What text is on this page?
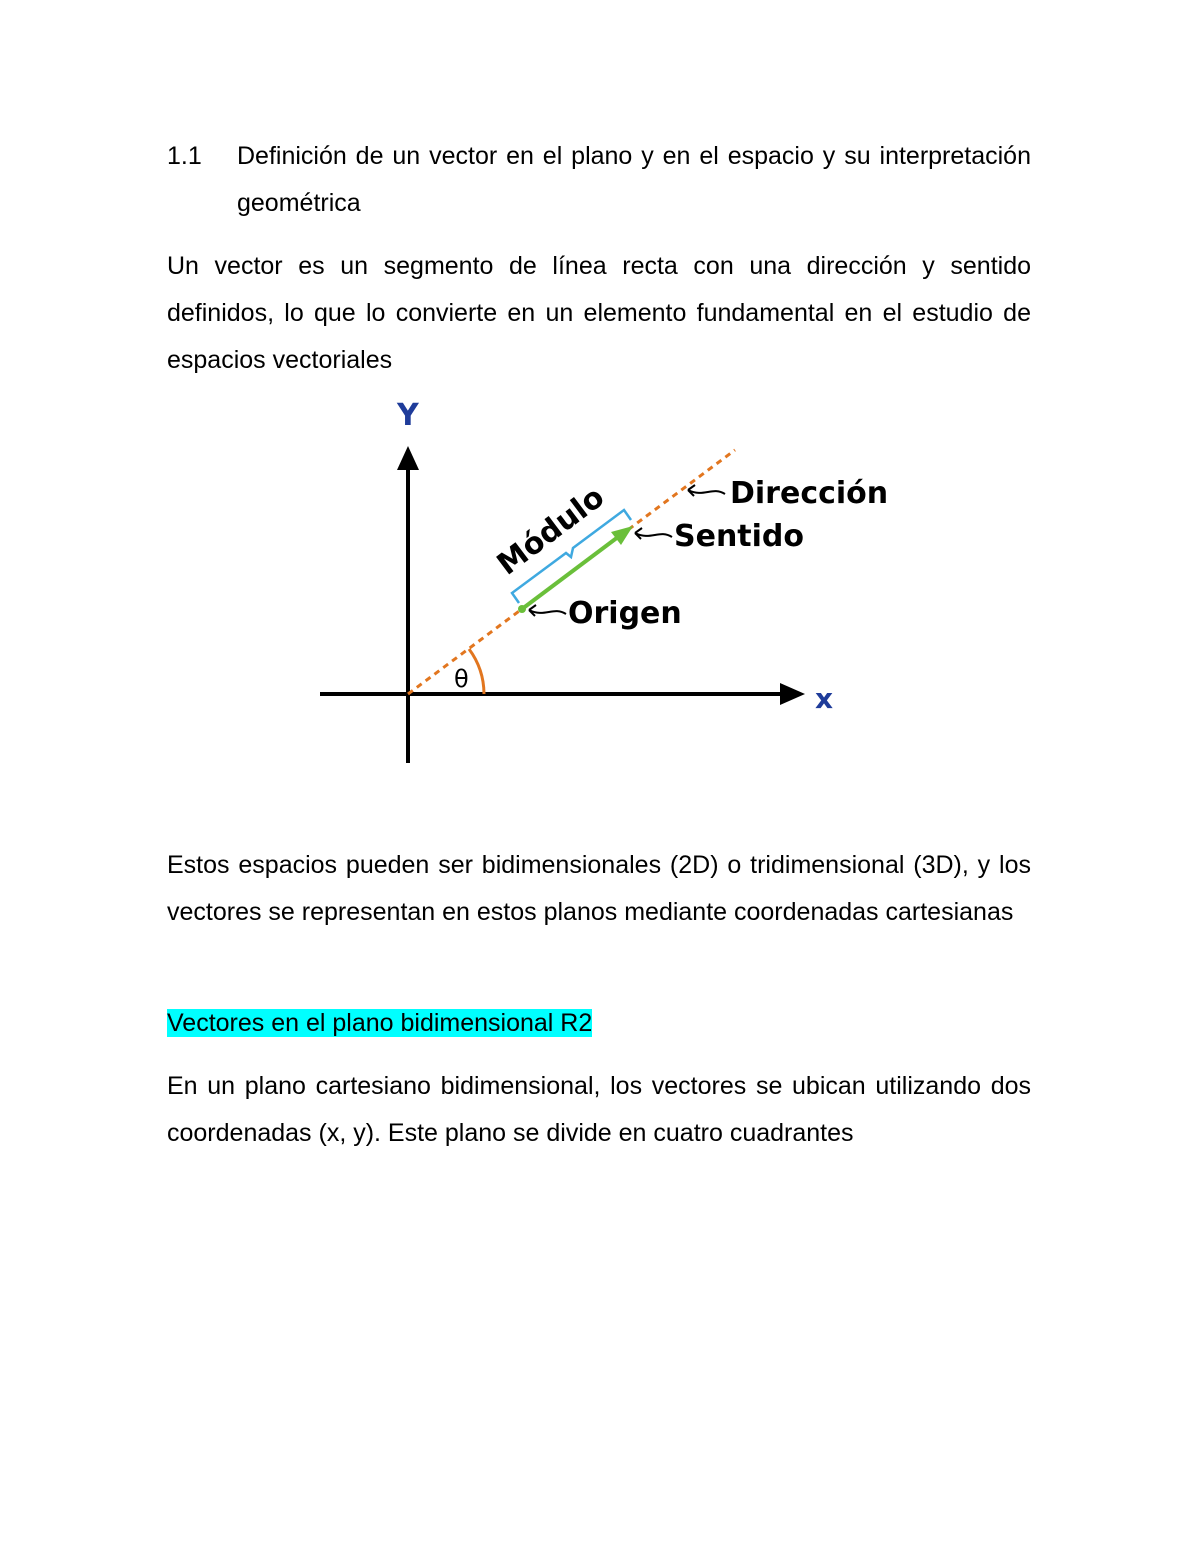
1.1 Definición de un vector en el plano y en el espacio y su interpretación geométrica

Un vector es un segmento de línea recta con una dirección y sentido definidos, lo que lo convierte en un elemento fundamental en el estudio de espacios vectoriales

Y
x
θ
Módulo	Dirección
Sentido
Origen

Estos espacios pueden ser bidimensionales (2D) o tridimensional (3D), y los vectores se representan en estos planos mediante coordenadas cartesianas

Vectores en el plano bidimensional R2

En un plano cartesiano bidimensional, los vectores se ubican utilizando dos coordenadas (x, y). Este plano se divide en cuatro cuadrantes
